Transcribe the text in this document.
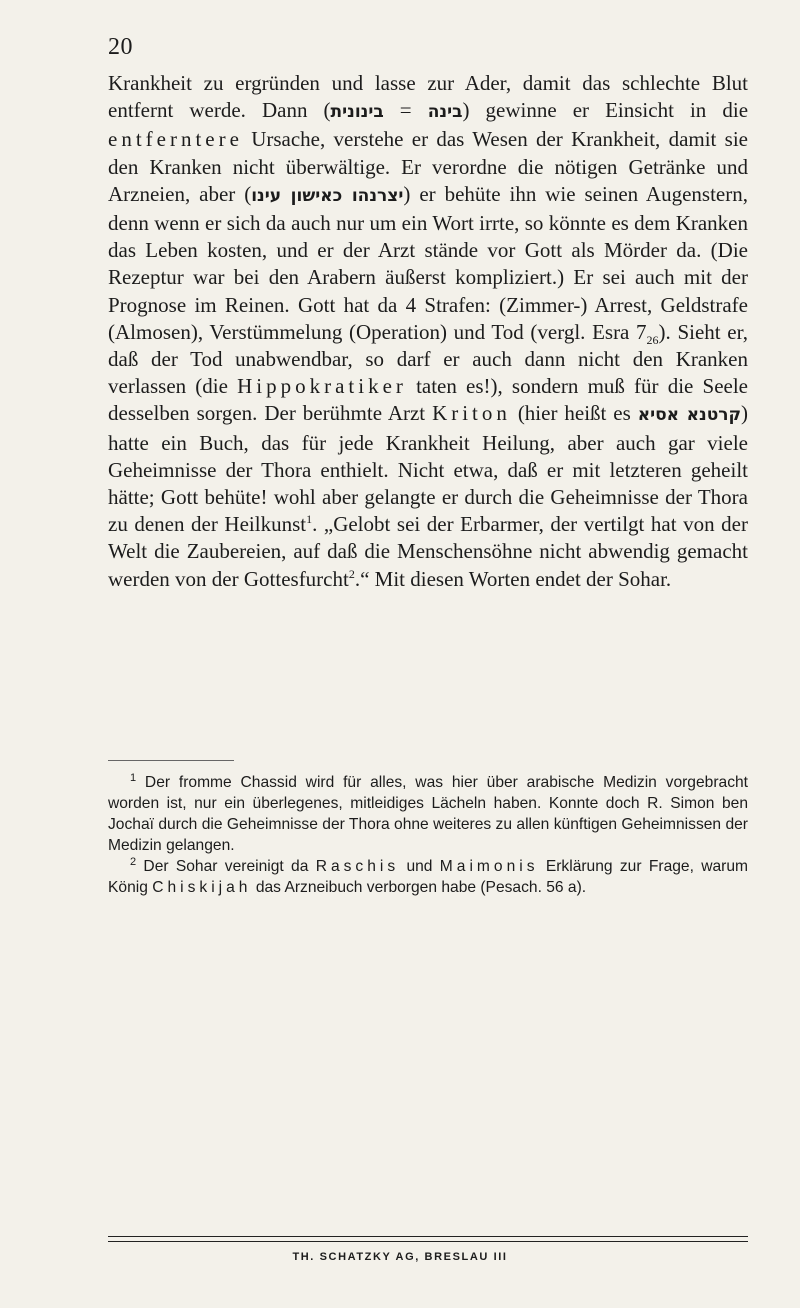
20

Krankheit zu ergründen und lasse zur Ader, damit das schlechte Blut entfernt werde. Dann (בינונית = בינה) gewinne er Einsicht in die entferntere Ursache, verstehe er das Wesen der Krankheit, damit sie den Kranken nicht überwältige. Er verordne die nötigen Getränke und Arzneien, aber (יצרנהו כאישון עינו) er behüte ihn wie seinen Augenstern, denn wenn er sich da auch nur um ein Wort irrte, so könnte es dem Kranken das Leben kosten, und er der Arzt stände vor Gott als Mörder da. (Die Rezeptur war bei den Arabern äußerst kompliziert.) Er sei auch mit der Prognose im Reinen. Gott hat da 4 Strafen: (Zimmer-) Arrest, Geldstrafe (Almosen), Verstümmelung (Operation) und Tod (vergl. Esra $7_{26}$). Sieht er, daß der Tod unabwendbar, so darf er auch dann nicht den Kranken verlassen (die Hippokratiker taten es!), sondern muß für die Seele desselben sorgen. Der berühmte Arzt Kriton (hier heißt es קרטנא אסיא) hatte ein Buch, das für jede Krankheit Heilung, aber auch gar viele Geheimnisse der Thora enthielt. Nicht etwa, daß er mit letzteren geheilt hätte; Gott behüte! wohl aber gelangte er durch die Geheimnisse der Thora zu denen der Heilkunst$^1$. „Gelobt sei der Erbarmer, der vertilgt hat von der Welt die Zaubereien, auf daß die Menschensöhne nicht abwendig gemacht werden von der Gottesfurcht$^2$.“ Mit diesen Worten endet der Sohar.

$^1$ Der fromme Chassid wird für alles, was hier über arabische Medizin vorgebracht worden ist, nur ein überlegenes, mitleidiges Lächeln haben. Konnte doch R. Simon ben Jochaï durch die Geheimnisse der Thora ohne weiteres zu allen künftigen Geheimnissen der Medizin gelangen.

$^2$ Der Sohar vereinigt da Raschis und Maimonis Erklärung zur Frage, warum König Chiskijah das Arzneibuch verborgen habe (Pesach. 56 a).

TH. SCHATZKY AG, BRESLAU III
